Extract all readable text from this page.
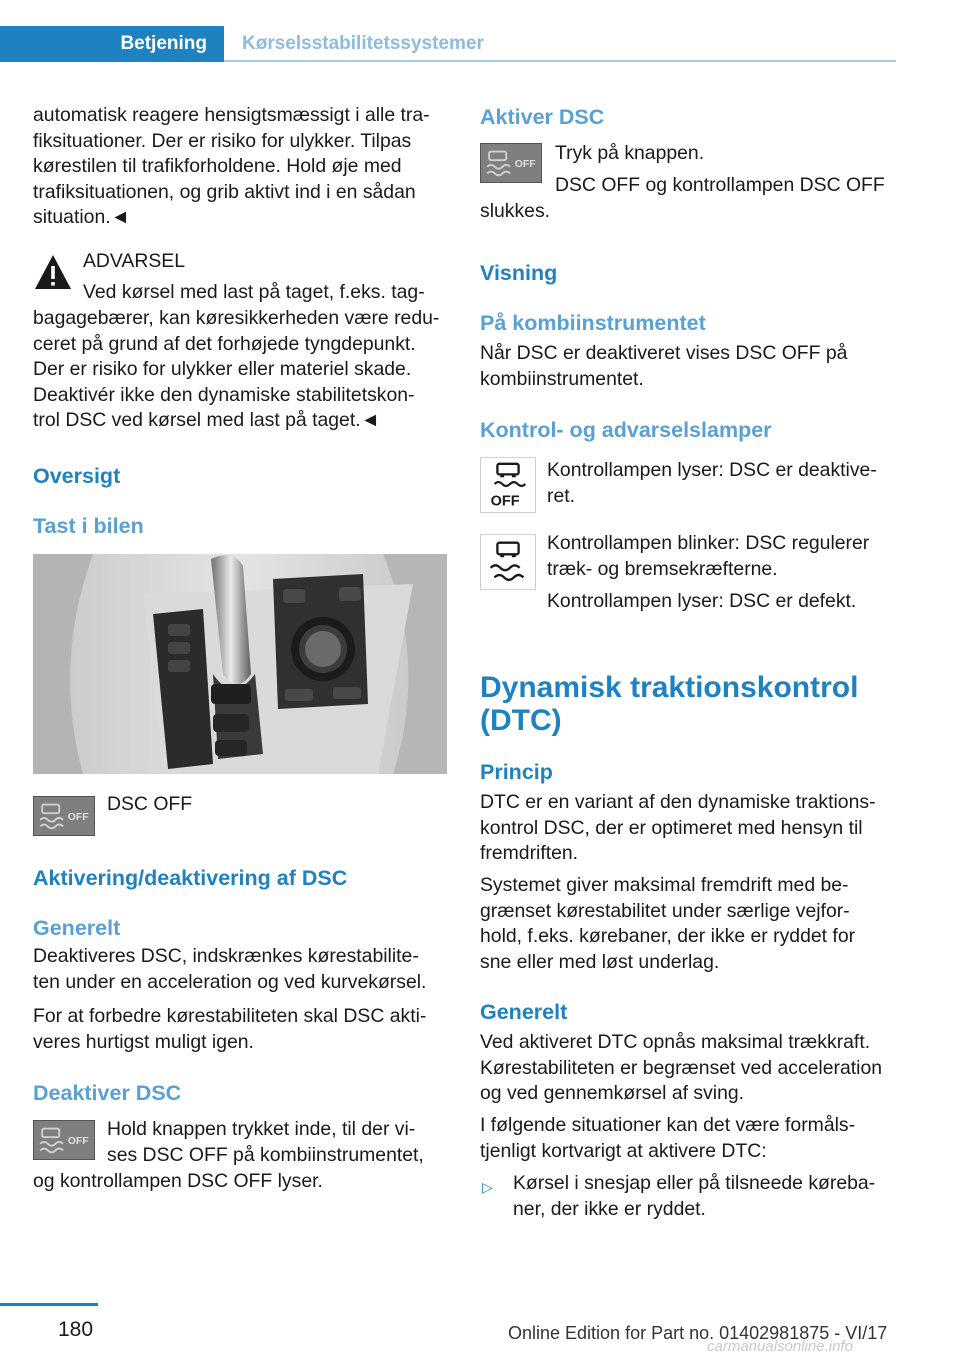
Betjening Kørselsstabilitetssystemer

automatisk reagere hensigtsmæssigt i alle tra‐
fiksituationer. Der er risiko for ulykker. Tilpas
kørestilen til trafikforholdene. Hold øje med
trafiksituationen, og grib aktivt ind i en sådan
situation.◄

ADVARSEL

Ved kørsel med last på taget, f.eks. tag‐

bagagebærer, kan køresikkerheden være redu‐
ceret på grund af det forhøjede tyngdepunkt.
Der er risiko for ulykker eller materiel skade.
Deaktivér ikke den dynamiske stabilitetskon‐
trol DSC ved kørsel med last på taget.◄

Oversigt
Tast i bilen
OFF

DSC OFF

Aktivering/deaktivering af DSC
Generelt

Deaktiveres DSC, indskrænkes kørestabilite‐
ten under en acceleration og ved kurvekørsel.

For at forbedre kørestabiliteten skal DSC akti‐
veres hurtigst muligt igen.

Deaktiver DSC
OFF

Hold knappen trykket inde, til der vi‐

ses DSC OFF på kombiinstrumentet,

og kontrollampen DSC OFF lyser.

Aktiver DSC
OFF

Tryk på knappen.

DSC OFF og kontrollampen DSC OFF

slukkes.

Visning
På kombiinstrumentet

Når DSC er deaktiveret vises DSC OFF på
kombiinstrumentet.

Kontrol- og advarselslamper
OFF

Kontrollampen lyser: DSC er deaktive‐
ret.

Kontrollampen blinker: DSC regulerer
træk- og bremsekræfterne.

Kontrollampen lyser: DSC er defekt.

Dynamisk traktionskontrol
(DTC)
Princip

DTC er en variant af den dynamiske traktions‐
kontrol DSC, der er optimeret med hensyn til
fremdriften.

Systemet giver maksimal fremdrift med be‐
grænset kørestabilitet under særlige vejfor‐
hold, f.eks. kørebaner, der ikke er ryddet for
sne eller med løst underlag.

Generelt

Ved aktiveret DTC opnås maksimal trækkraft.
Kørestabiliteten er begrænset ved acceleration
og ved gennemkørsel af sving.

I følgende situationer kan det være formåls‐
tjenligt kortvarigt at aktivere DTC:

▷ Kørsel i snesjap eller på tilsneede køreba‐
ner, der ikke er ryddet.

180	Online Edition for Part no. 01402981875 - VI/17
carmanualsonline.info
